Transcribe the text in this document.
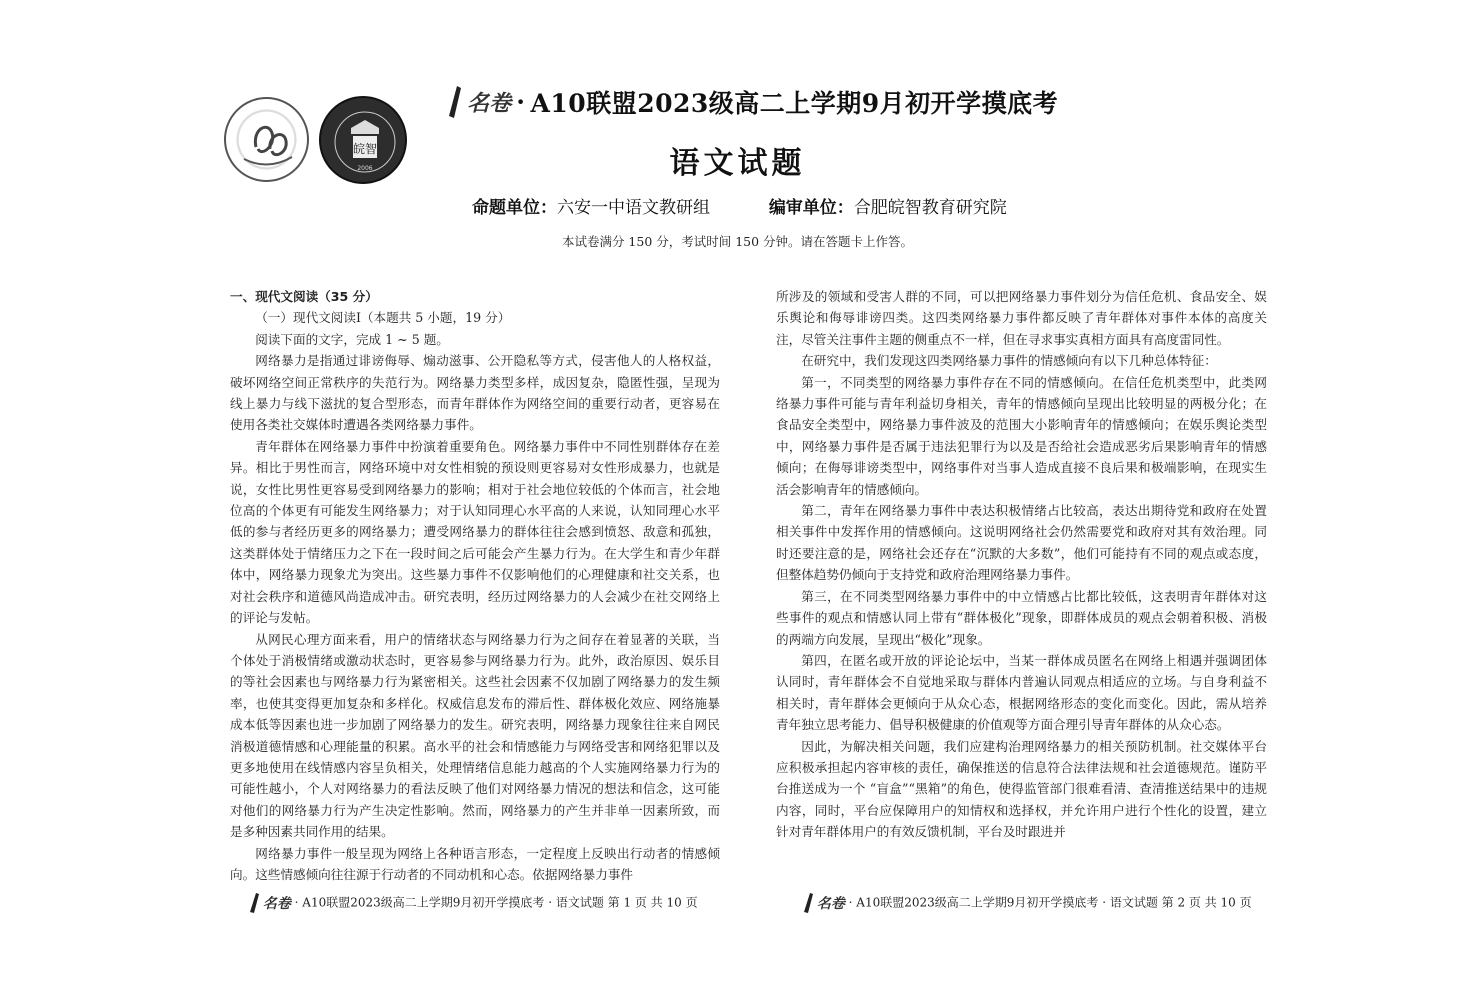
皖智
2006
名卷 · A10联盟2023级高二上学期9月初开学摸底考
语文试题
命题单位：六安一中语文教研组	编审单位：合肥皖智教育研究院
本试卷满分 150 分，考试时间 150 分钟。请在答题卡上作答。

一、现代文阅读（35 分）

（一）现代文阅读Ⅰ（本题共 5 小题，19 分）

阅读下面的文字，完成 1 ~ 5 题。

网络暴力是指通过诽谤侮辱、煽动滋事、公开隐私等方式，侵害他人的人格权益，破坏网络空间正常秩序的失范行为。网络暴力类型多样，成因复杂，隐匿性强，呈现为线上暴力与线下滋扰的复合型形态，而青年群体作为网络空间的重要行动者，更容易在使用各类社交媒体时遭遇各类网络暴力事件。

青年群体在网络暴力事件中扮演着重要角色。网络暴力事件中不同性别群体存在差异。相比于男性而言，网络环境中对女性相貌的预设则更容易对女性形成暴力，也就是说，女性比男性更容易受到网络暴力的影响；相对于社会地位较低的个体而言，社会地位高的个体更有可能发生网络暴力；对于认知同理心水平高的人来说，认知同理心水平低的参与者经历更多的网络暴力；遭受网络暴力的群体往往会感到愤怒、敌意和孤独，这类群体处于情绪压力之下在一段时间之后可能会产生暴力行为。在大学生和青少年群体中，网络暴力现象尤为突出。这些暴力事件不仅影响他们的心理健康和社交关系，也对社会秩序和道德风尚造成冲击。研究表明，经历过网络暴力的人会减少在社交网络上的评论与发帖。

从网民心理方面来看，用户的情绪状态与网络暴力行为之间存在着显著的关联，当个体处于消极情绪或激动状态时，更容易参与网络暴力行为。此外，政治原因、娱乐目的等社会因素也与网络暴力行为紧密相关。这些社会因素不仅加剧了网络暴力的发生频率，也使其变得更加复杂和多样化。权威信息发布的滞后性、群体极化效应、网络施暴成本低等因素也进一步加剧了网络暴力的发生。研究表明，网络暴力现象往往来自网民消极道德情感和心理能量的积累。高水平的社会和情感能力与网络受害和网络犯罪以及更多地使用在线情感内容呈负相关，处理情绪信息能力越高的个人实施网络暴力行为的可能性越小，个人对网络暴力的看法反映了他们对网络暴力情况的想法和信念，这可能对他们的网络暴力行为产生决定性影响。然而，网络暴力的产生并非单一因素所致，而是多种因素共同作用的结果。

网络暴力事件一般呈现为网络上各种语言形态，一定程度上反映出行动者的情感倾向。这些情感倾向往往源于行动者的不同动机和心态。依据网络暴力事件

所涉及的领域和受害人群的不同，可以把网络暴力事件划分为信任危机、食品安全、娱乐舆论和侮辱诽谤四类。这四类网络暴力事件都反映了青年群体对事件本体的高度关注，尽管关注事件主题的侧重点不一样，但在寻求事实真相方面具有高度雷同性。

在研究中，我们发现这四类网络暴力事件的情感倾向有以下几种总体特征：

第一，不同类型的网络暴力事件存在不同的情感倾向。在信任危机类型中，此类网络暴力事件可能与青年利益切身相关，青年的情感倾向呈现出比较明显的两极分化；在食品安全类型中，网络暴力事件波及的范围大小影响青年的情感倾向；在娱乐舆论类型中，网络暴力事件是否属于违法犯罪行为以及是否给社会造成恶劣后果影响青年的情感倾向；在侮辱诽谤类型中，网络事件对当事人造成直接不良后果和极端影响，在现实生活会影响青年的情感倾向。

第二，青年在网络暴力事件中表达积极情绪占比较高，表达出期待党和政府在处置相关事件中发挥作用的情感倾向。这说明网络社会仍然需要党和政府对其有效治理。同时还要注意的是，网络社会还存在“沉默的大多数”，他们可能持有不同的观点或态度，但整体趋势仍倾向于支持党和政府治理网络暴力事件。

第三，在不同类型网络暴力事件中的中立情感占比都比较低，这表明青年群体对这些事件的观点和情感认同上带有“群体极化”现象，即群体成员的观点会朝着积极、消极的两端方向发展，呈现出“极化”现象。

第四，在匿名或开放的评论论坛中，当某一群体成员匿名在网络上相遇并强调团体认同时，青年群体会不自觉地采取与群体内普遍认同观点相适应的立场。与自身利益不相关时，青年群体会更倾向于从众心态，根据网络形态的变化而变化。因此，需从培养青年独立思考能力、倡导积极健康的价值观等方面合理引导青年群体的从众心态。

因此，为解决相关问题，我们应建构治理网络暴力的相关预防机制。社交媒体平台应积极承担起内容审核的责任，确保推送的信息符合法律法规和社会道德规范。谨防平台推送成为一个 “盲盒”“黑箱”的角色，使得监管部门很难看清、查清推送结果中的违规内容，同时，平台应保障用户的知情权和选择权，并允许用户进行个性化的设置，建立针对青年群体用户的有效反馈机制，平台及时跟进并

名卷 · A10联盟2023级高二上学期9月初开学摸底考 · 语文试题 第 1 页 共 10 页	名卷 · A10联盟2023级高二上学期9月初开学摸底考 · 语文试题 第 2 页 共 10 页
